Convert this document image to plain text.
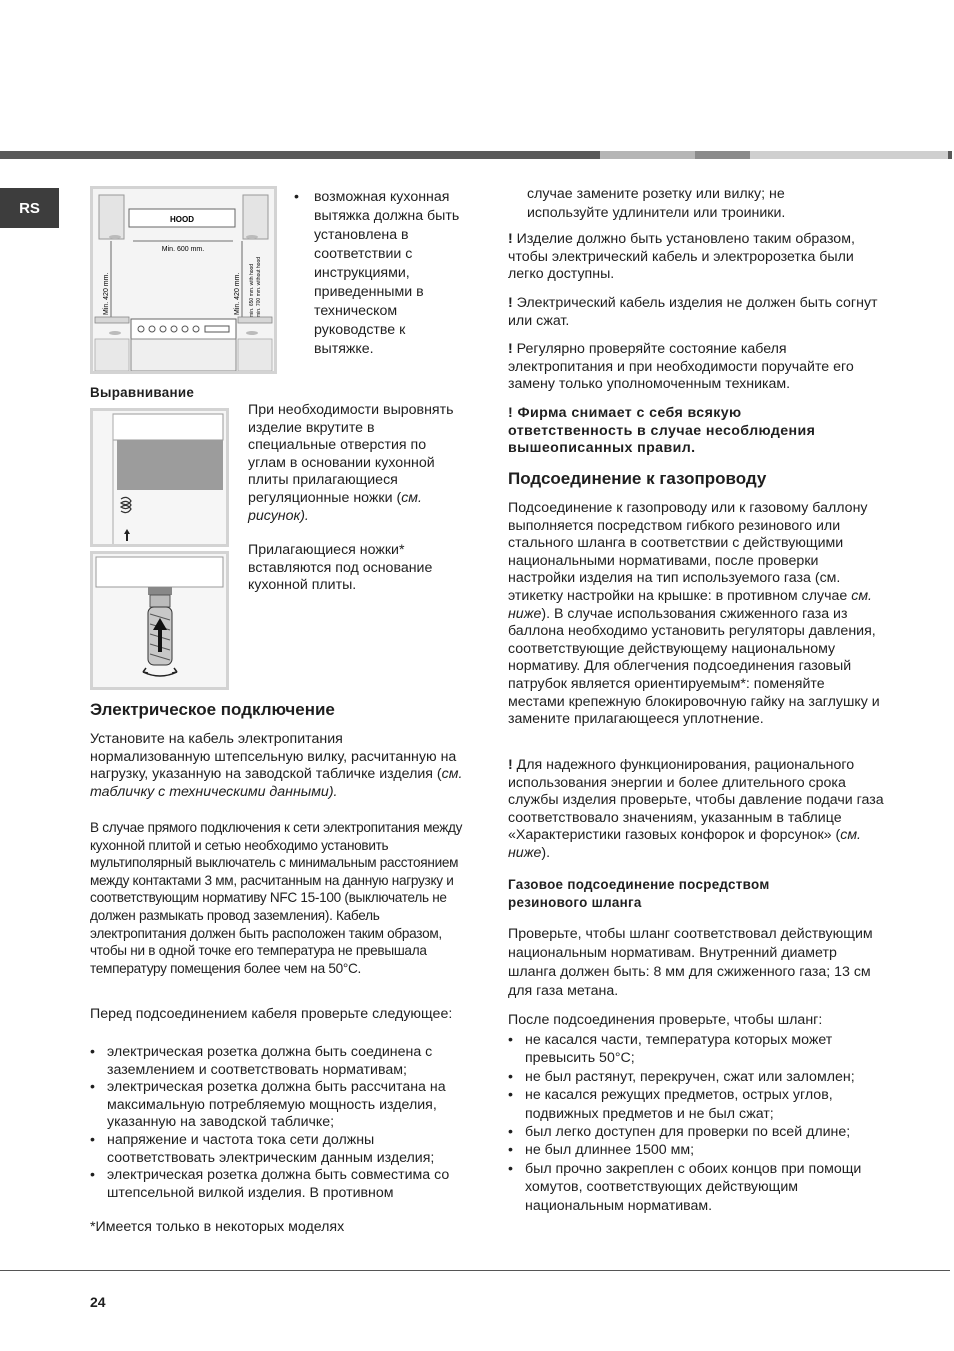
RS
HOOD
Min. 600 mm.
Min. 420 mm.	Min. 420 mm. min. 650 mm. with hood min. 700 mm. without hood
• возможная кухонная вытяжка должна быть установлена в соответствии с инструкциями, приведенными в техническом руководстве к вытяжке.
Выравнивание
При необходимости выровнять изделие вкрутите в специальные отверстия по углам в основании кухонной плиты прилагающиеся регуляционные ножки (см. рисунок).
Прилагающиеся ножки* вставляются под основание кухонной плиты.
Электрическое подключение
Установите на кабель электропитания нормализованную штепсельную вилку, расчитанную на нагрузку, указанную на заводской табличке изделия (см. табличку с техническими данными).
В случае прямого подключения к сети электропитания между кухонной плитой и сетью необходимо установить мультиполярный выключатель с минимальным расстоянием между контактами 3 мм, расчитанным на данную нагрузку и соответствующим нормативу NFC 15-100 (выключатель не должен размыкать провод заземления). Кабель электропитания должен быть расположен таким образом, чтобы ни в одной точке его температура не превышала температуру помещения более чем на 50°C.
Перед подсоединением кабеля проверьте следующее:
• электрическая розетка должна быть соединена с заземлением и соответствовать нормативам;
• электрическая розетка должна быть рассчитана на максимальную потребляемую мощность изделия, указанную на заводской табличке;
• напряжение и частота тока сети должны соответствовать электрическим данным изделия;
• электрическая розетка должна быть совместима со штепсельной вилкой изделия. В противном
*Имеется только в некоторых моделях
случае замените розетку или вилку; не используйте удлинители или троиники.
! Изделие должно быть установлено таким образом, чтобы электрический кабель и электророзетка были легко доступны.
! Электрический кабель изделия не должен быть согнут или сжат.
! Регулярно проверяйте состояние кабеля электропитания и при необходимости поручайте его замену только уполномоченным техникам.
! Фирма снимает с себя всякую ответственность в случае несоблюдения вышеописанных правил.
Подсоединение к газопроводу
Подсоединение к газопроводу или к газовому баллону выполняется посредством гибкого резинового или стального шланга в соответствии с действующими национальными нормативами, после проверки настройки изделия на тип используемого газа (см. этикетку настройки на крышке: в противном случае см. ниже). В случае использования сжиженного газа из баллона необходимо установить регуляторы давления, соответствующие действующему национальному нормативу. Для облегчения подсоединения газовый патрубок является ориентируемым*: поменяйте местами крепежную блокировочную гайку на заглушку и замените прилагающееся уплотнение.
! Для надежного функционирования, рационального использования энергии и более длительного срока службы изделия проверьте, чтобы давление подачи газа соответствовало значениям, указанным в таблице «Характеристики газовых конфорок и форсунок» (см. ниже).
Газовое подсоединение посредством резинового шланга
Проверьте, чтобы шланг соответствовал действующим национальным нормативам. Внутренний диаметр шланга должен быть: 8 мм для сжиженного газа; 13 см для газа метана.
После подсоединения проверьте, чтобы шланг:
• не касался части, температура которых может превысить 50°C;
• не был растянут, перекручен, сжат или заломлен;
• не касался режущих предметов, острых углов, подвижных предметов и не был сжат;
• был легко доступен для проверки по всей длине;
• не был длиннее 1500 мм;
• был прочно закреплен с обоих концов при помощи хомутов, соответствующих действующим национальным нормативам.
24
